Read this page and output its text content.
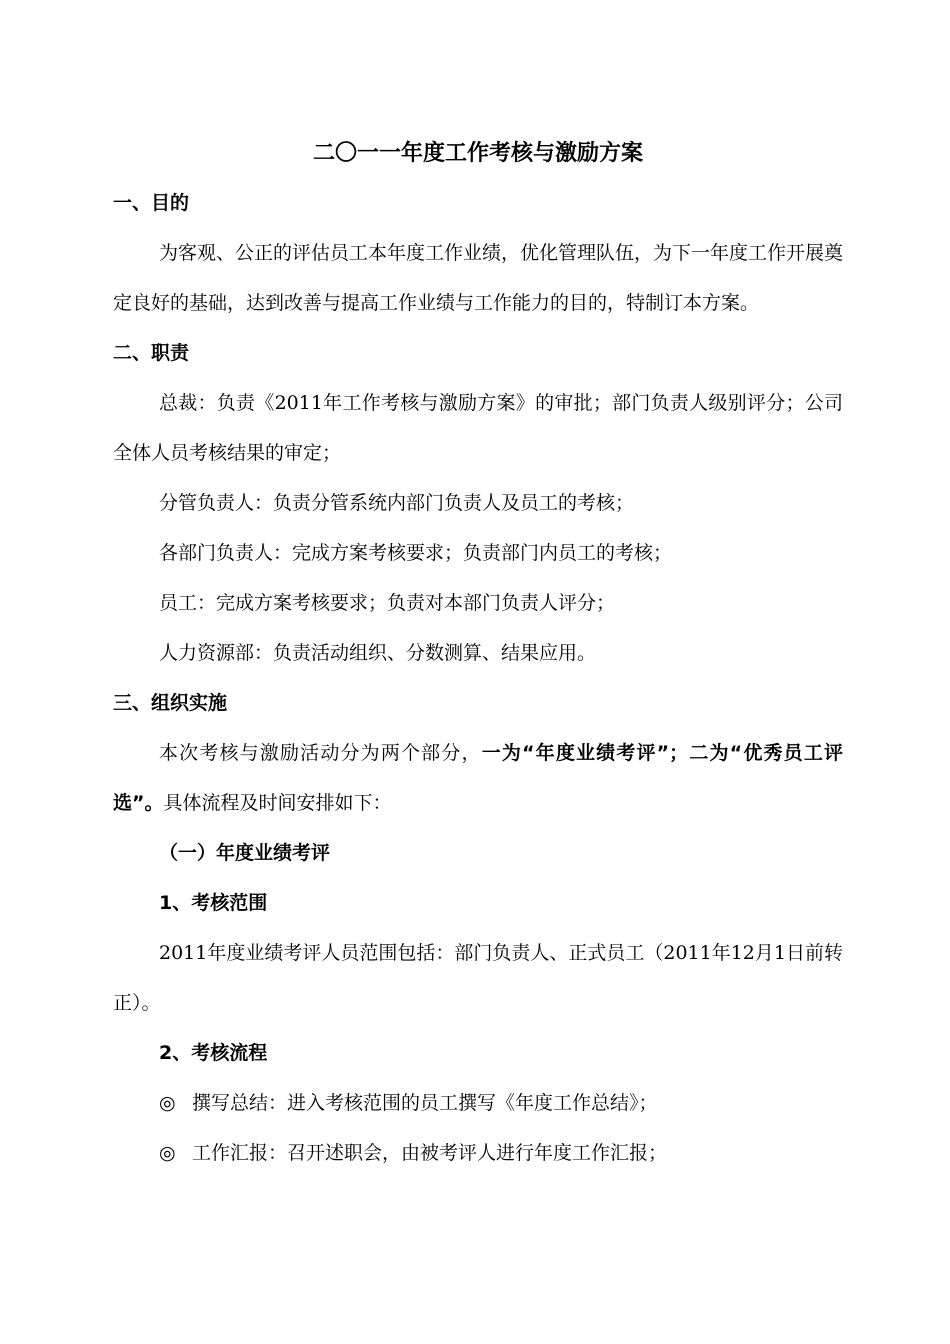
二〇一一年度工作考核与激励方案
一、目的

为客观、公正的评估员工本年度工作业绩，优化管理队伍，为下一年度工作开展奠定良好的基础，达到改善与提高工作业绩与工作能力的目的，特制订本方案。

二、职责

总裁：负责《2011年工作考核与激励方案》的审批；部门负责人级别评分；公司全体人员考核结果的审定；

分管负责人：负责分管系统内部门负责人及员工的考核；

各部门负责人：完成方案考核要求；负责部门内员工的考核；

员工：完成方案考核要求；负责对本部门负责人评分；

人力资源部：负责活动组织、分数测算、结果应用。

三、组织实施

本次考核与激励活动分为两个部分，一为“年度业绩考评”；二为“优秀员工评选”。具体流程及时间安排如下：

（一）年度业绩考评
1、考核范围

2011年度业绩考评人员范围包括：部门负责人、正式员工（2011年12月1日前转正）。

2、考核流程
◎ 撰写总结：进入考核范围的员工撰写《年度工作总结》；
◎ 工作汇报：召开述职会，由被考评人进行年度工作汇报；
